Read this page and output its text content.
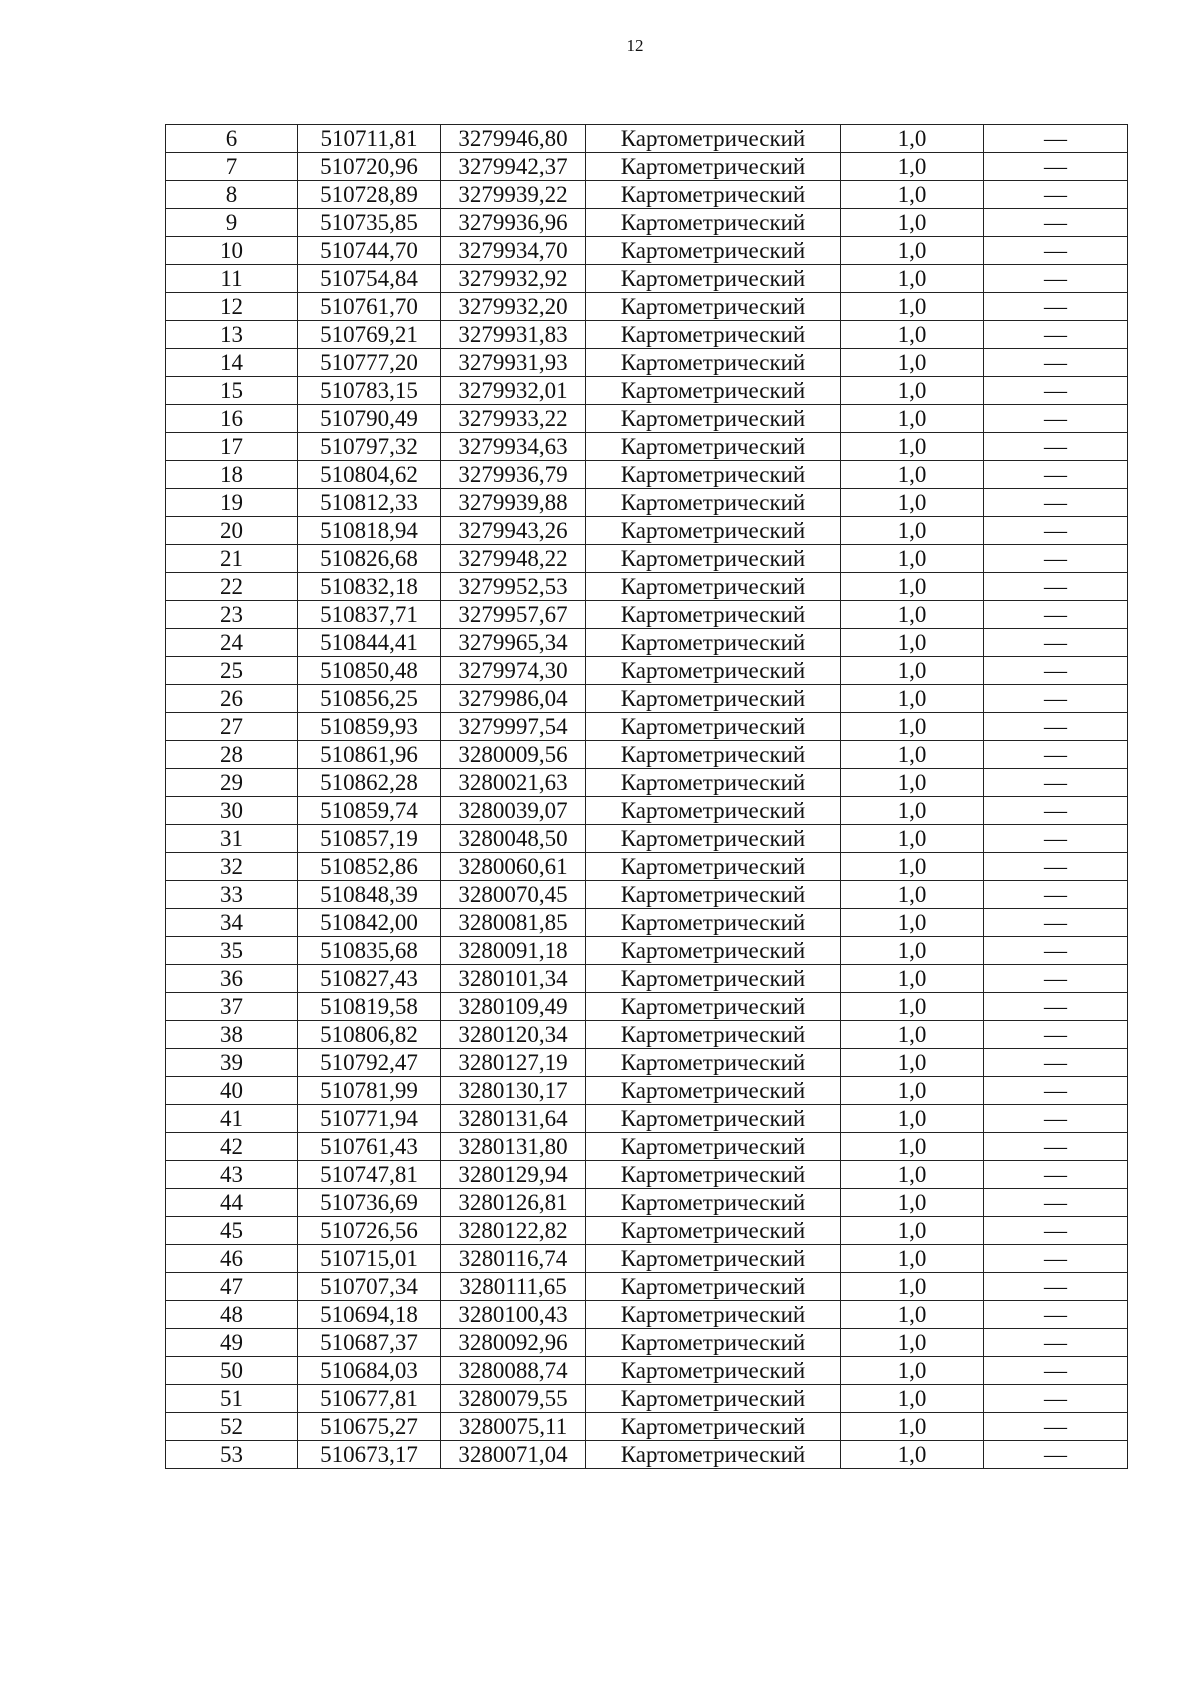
12
6	510711,81	3279946,80	Картометрический	1,0	—
7	510720,96	3279942,37	Картометрический	1,0	—
8	510728,89	3279939,22	Картометрический	1,0	—
9	510735,85	3279936,96	Картометрический	1,0	—
10	510744,70	3279934,70	Картометрический	1,0	—
11	510754,84	3279932,92	Картометрический	1,0	—
12	510761,70	3279932,20	Картометрический	1,0	—
13	510769,21	3279931,83	Картометрический	1,0	—
14	510777,20	3279931,93	Картометрический	1,0	—
15	510783,15	3279932,01	Картометрический	1,0	—
16	510790,49	3279933,22	Картометрический	1,0	—
17	510797,32	3279934,63	Картометрический	1,0	—
18	510804,62	3279936,79	Картометрический	1,0	—
19	510812,33	3279939,88	Картометрический	1,0	—
20	510818,94	3279943,26	Картометрический	1,0	—
21	510826,68	3279948,22	Картометрический	1,0	—
22	510832,18	3279952,53	Картометрический	1,0	—
23	510837,71	3279957,67	Картометрический	1,0	—
24	510844,41	3279965,34	Картометрический	1,0	—
25	510850,48	3279974,30	Картометрический	1,0	—
26	510856,25	3279986,04	Картометрический	1,0	—
27	510859,93	3279997,54	Картометрический	1,0	—
28	510861,96	3280009,56	Картометрический	1,0	—
29	510862,28	3280021,63	Картометрический	1,0	—
30	510859,74	3280039,07	Картометрический	1,0	—
31	510857,19	3280048,50	Картометрический	1,0	—
32	510852,86	3280060,61	Картометрический	1,0	—
33	510848,39	3280070,45	Картометрический	1,0	—
34	510842,00	3280081,85	Картометрический	1,0	—
35	510835,68	3280091,18	Картометрический	1,0	—
36	510827,43	3280101,34	Картометрический	1,0	—
37	510819,58	3280109,49	Картометрический	1,0	—
38	510806,82	3280120,34	Картометрический	1,0	—
39	510792,47	3280127,19	Картометрический	1,0	—
40	510781,99	3280130,17	Картометрический	1,0	—
41	510771,94	3280131,64	Картометрический	1,0	—
42	510761,43	3280131,80	Картометрический	1,0	—
43	510747,81	3280129,94	Картометрический	1,0	—
44	510736,69	3280126,81	Картометрический	1,0	—
45	510726,56	3280122,82	Картометрический	1,0	—
46	510715,01	3280116,74	Картометрический	1,0	—
47	510707,34	3280111,65	Картометрический	1,0	—
48	510694,18	3280100,43	Картометрический	1,0	—
49	510687,37	3280092,96	Картометрический	1,0	—
50	510684,03	3280088,74	Картометрический	1,0	—
51	510677,81	3280079,55	Картометрический	1,0	—
52	510675,27	3280075,11	Картометрический	1,0	—
53	510673,17	3280071,04	Картометрический	1,0	—
